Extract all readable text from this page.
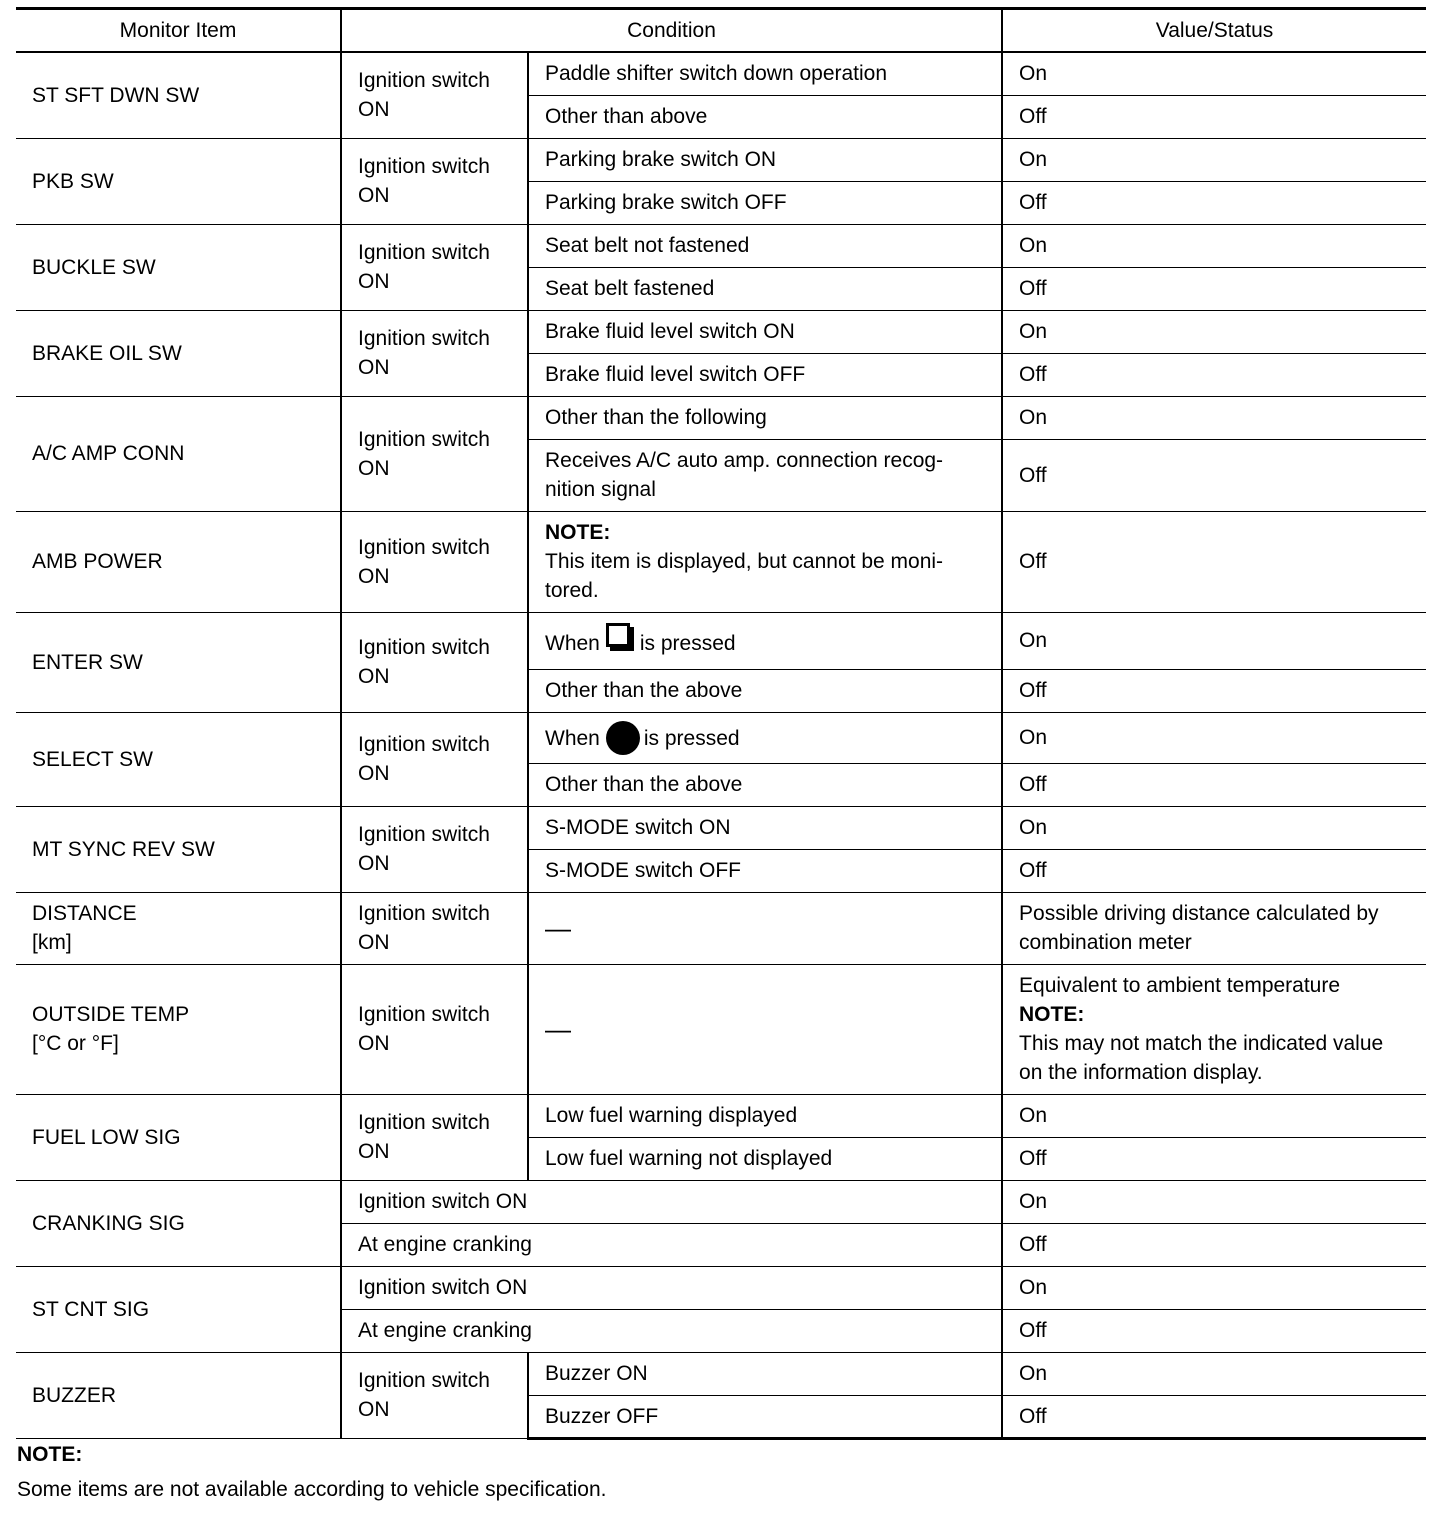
Monitor Item	Condition		Value/Status
ST SFT DWN SW	Ignition switch ON	Paddle shifter switch down operation	On
		Other than above	Off
PKB SW	Ignition switch ON	Parking brake switch ON	On
		Parking brake switch OFF	Off
BUCKLE SW	Ignition switch ON	Seat belt not fastened	On
		Seat belt fastened	Off
BRAKE OIL SW	Ignition switch ON	Brake fluid level switch ON	On
		Brake fluid level switch OFF	Off
A/C AMP CONN	Ignition switch ON	Other than the following	On
		Receives A/C auto amp. connection recog-nition signal	Off
AMB POWER	Ignition switch ON	NOTE:
This item is displayed, but cannot be moni-tored.	Off
ENTER SW	Ignition switch ON	When is pressed	On
		Other than the above	Off
SELECT SW	Ignition switch ON	When is pressed	On
		Other than the above	Off
MT SYNC REV SW	Ignition switch ON	S-MODE switch ON	On
		S-MODE switch OFF	Off

DISTANCE
[km]	Ignition switch ON	—	Possible driving distance calculated by combination meter

OUTSIDE TEMP
[°C or °F]	Ignition switch ON	—	Equivalent to ambient temperature
NOTE:
This may not match the indicated value on the information display.

FUEL LOW SIG	Ignition switch ON	Low fuel warning displayed	On
		Low fuel warning not displayed	Off
CRANKING SIG	Ignition switch ON		On
	At engine cranking		Off
ST CNT SIG	Ignition switch ON		On
	At engine cranking		Off
BUZZER	Ignition switch ON	Buzzer ON	On
		Buzzer OFF	Off
NOTE:
Some items are not available according to vehicle specification.
